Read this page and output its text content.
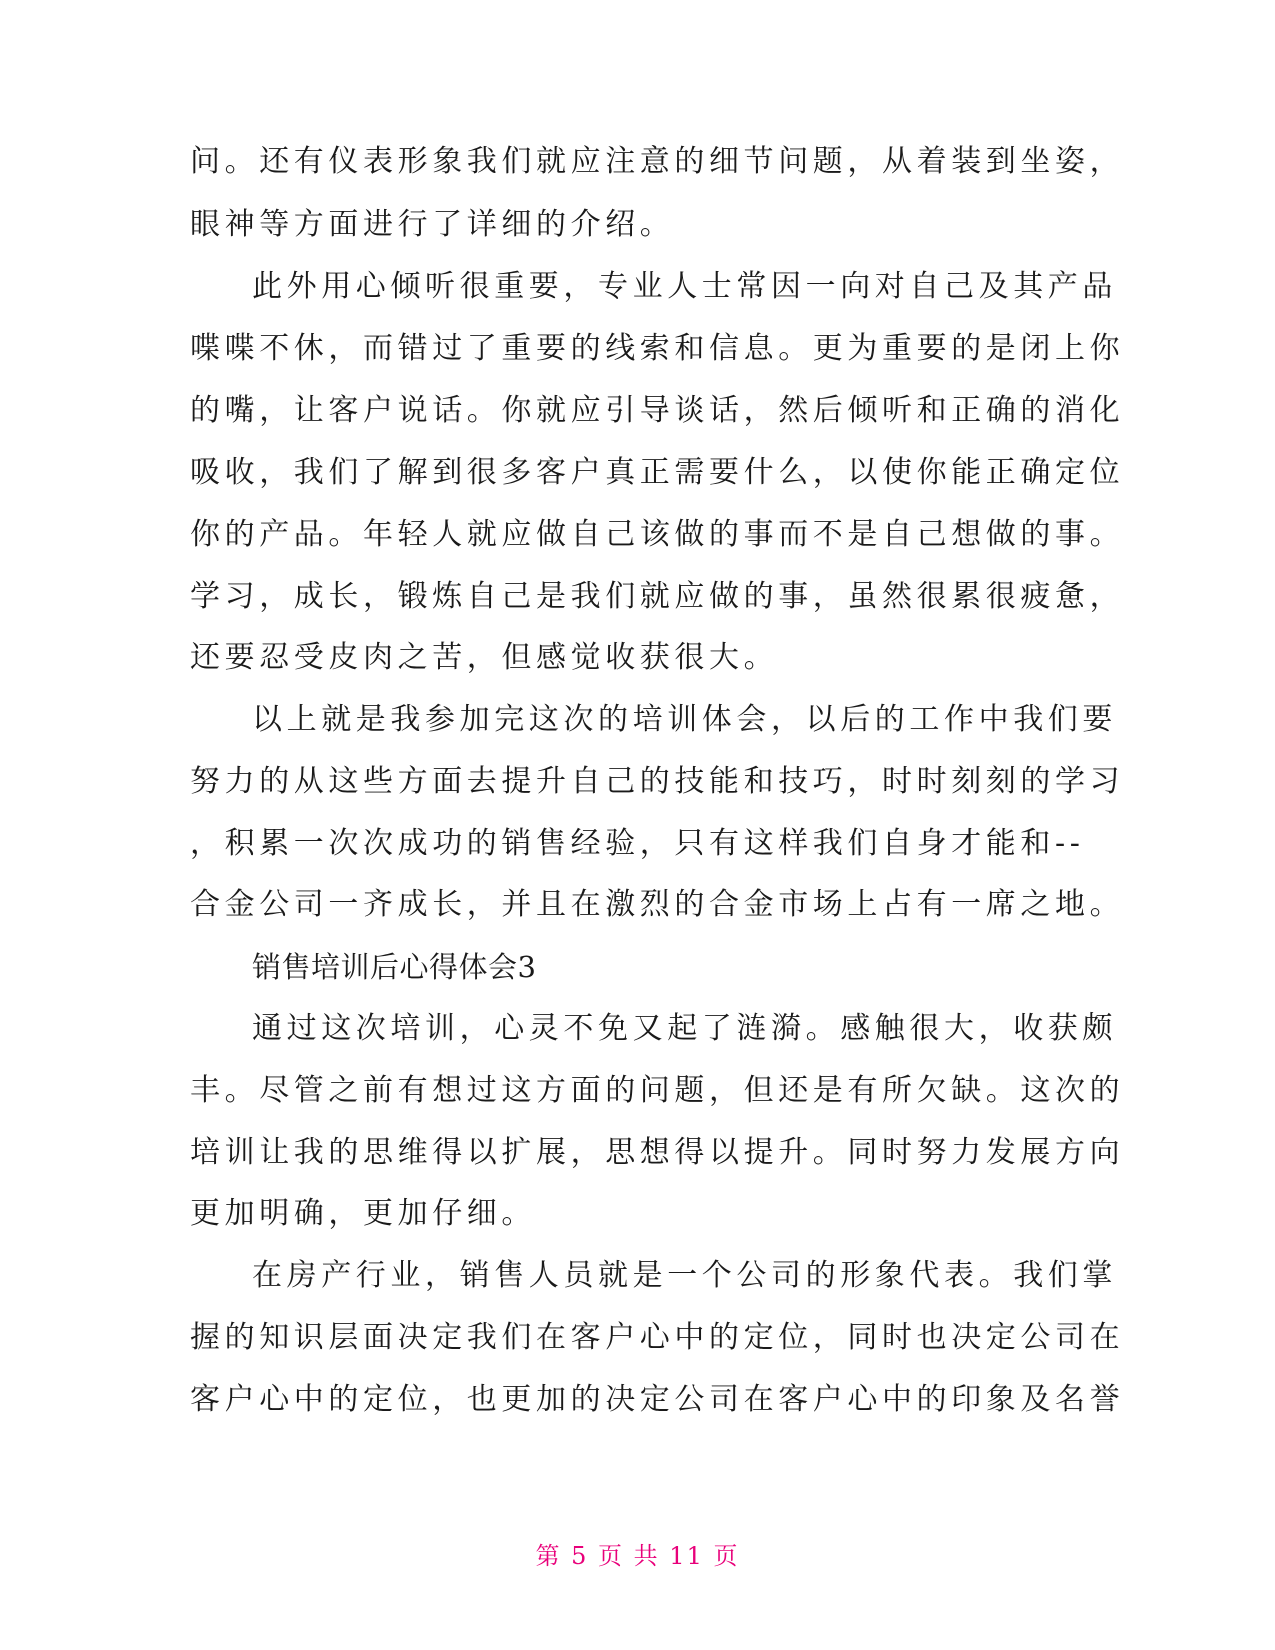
问。还有仪表形象我们就应注意的细节问题，从着装到坐姿，
眼神等方面进行了详细的介绍。
此外用心倾听很重要，专业人士常因一向对自己及其产品
喋喋不休，而错过了重要的线索和信息。更为重要的是闭上你
的嘴，让客户说话。你就应引导谈话，然后倾听和正确的消化
吸收，我们了解到很多客户真正需要什么，以使你能正确定位
你的产品。年轻人就应做自己该做的事而不是自己想做的事。
学习，成长，锻炼自己是我们就应做的事，虽然很累很疲惫，
还要忍受皮肉之苦，但感觉收获很大。
以上就是我参加完这次的培训体会，以后的工作中我们要
努力的从这些方面去提升自己的技能和技巧，时时刻刻的学习
，积累一次次成功的销售经验，只有这样我们自身才能和--
合金公司一齐成长，并且在激烈的合金市场上占有一席之地。
销售培训后心得体会3
通过这次培训，心灵不免又起了涟漪。感触很大，收获颇
丰。尽管之前有想过这方面的问题，但还是有所欠缺。这次的
培训让我的思维得以扩展，思想得以提升。同时努力发展方向
更加明确，更加仔细。
在房产行业，销售人员就是一个公司的形象代表。我们掌
握的知识层面决定我们在客户心中的定位，同时也决定公司在
客户心中的定位，也更加的决定公司在客户心中的印象及名誉
第 5 页 共 11 页
